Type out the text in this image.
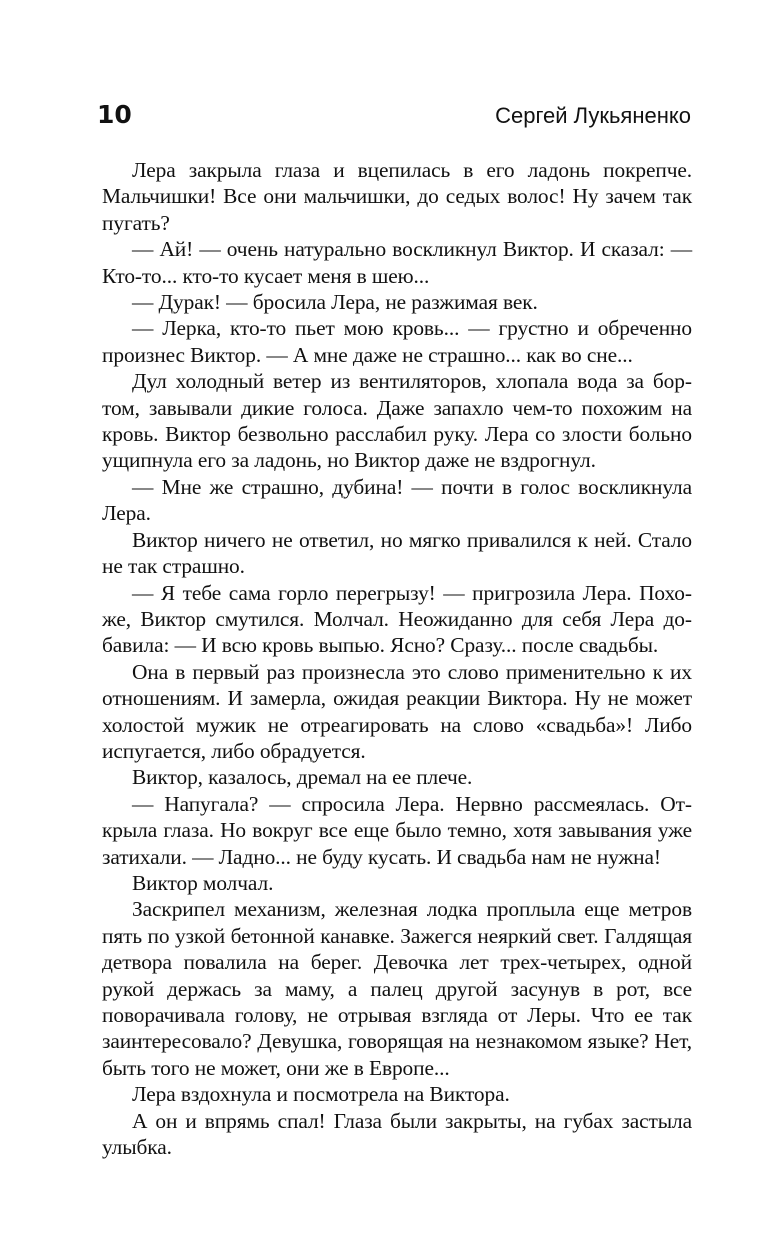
10	Сергей Лукьяненко

Лера закрыла глаза и вцепилась в его ладонь покрепче. Мальчишки! Все они мальчишки, до седых волос! Ну зачем так пугать?

— Ай! — очень натурально воскликнул Виктор. И сказал: — Кто-то... кто-то кусает меня в шею...

— Дурак! — бросила Лера, не разжимая век.

— Лерка, кто-то пьет мою кровь... — грустно и обреченно произнес Виктор. — А мне даже не страшно... как во сне...

Дул холодный ветер из вентиляторов, хлопала вода за бортом, завывали дикие голоса. Даже запахло чем-то похожим на кровь. Виктор безвольно расслабил руку. Лера со злости больно ущипнула его за ладонь, но Виктор даже не вздрогнул.

— Мне же страшно, дубина! — почти в голос воскликнула Лера.

Виктор ничего не ответил, но мягко привалился к ней. Стало не так страшно.

— Я тебе сама горло перегрызу! — пригрозила Лера. Похоже, Виктор смутился. Молчал. Неожиданно для себя Лера добавила: — И всю кровь выпью. Ясно? Сразу... после свадьбы.

Она в первый раз произнесла это слово применительно к их отношениям. И замерла, ожидая реакции Виктора. Ну не может холостой мужик не отреагировать на слово «свадьба»! Либо испугается, либо обрадуется.

Виктор, казалось, дремал на ее плече.

— Напугала? — спросила Лера. Нервно рассмеялась. Открыла глаза. Но вокруг все еще было темно, хотя завывания уже затихали. — Ладно... не буду кусать. И свадьба нам не нужна!

Виктор молчал.

Заскрипел механизм, железная лодка проплыла еще метров пять по узкой бетонной канавке. Зажегся неяркий свет. Галдящая детвора повалила на берег. Девочка лет трех-четырех, одной рукой держась за маму, а палец другой засунув в рот, все поворачивала голову, не отрывая взгляда от Леры. Что ее так заинтересовало? Девушка, говорящая на незнакомом языке? Нет, быть того не может, они же в Европе...

Лера вздохнула и посмотрела на Виктора.

А он и впрямь спал! Глаза были закрыты, на губах застыла улыбка.
